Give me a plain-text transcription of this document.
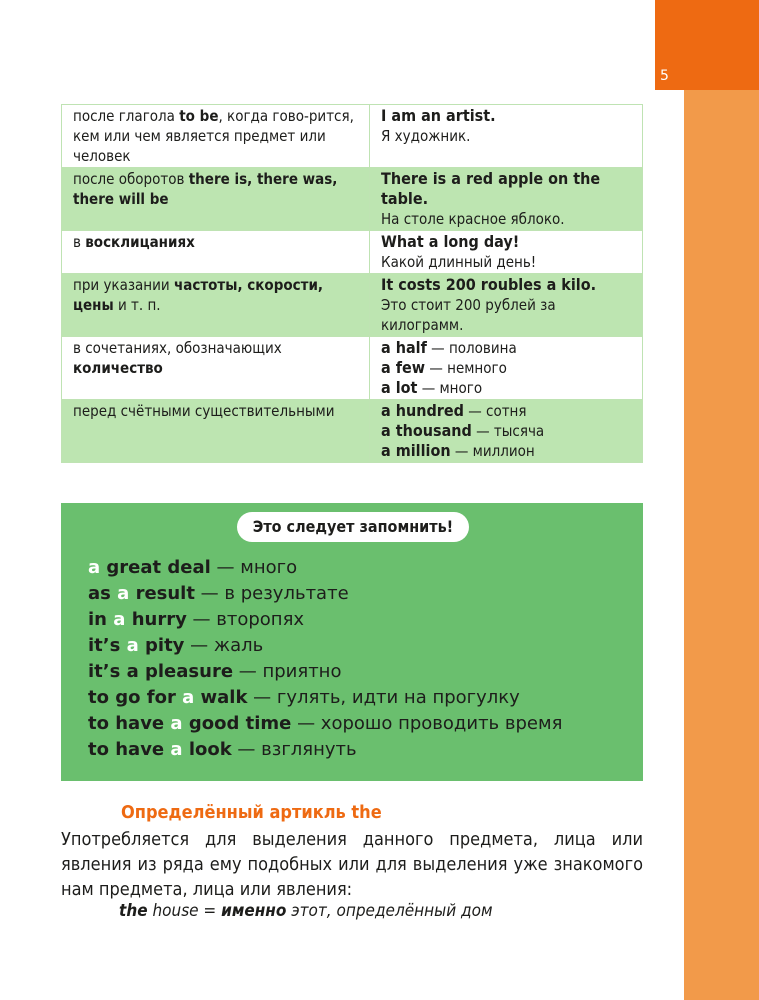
5
после глагола to be, когда гово-ритcя, кем или чем является предмет или человек	I am an artist.
Я художник.

после оборотов there is, there was, there will be	There is a red apple on the table.
На столе красное яблоко.

в восклицаниях	What a long day!
Какой длинный день!

при указании частоты, скорости, цены и т. п.	It costs 200 roubles a kilo.
Это стоит 200 рублей за килограмм.

в сочетаниях, обозначающих количество	a half — половина
a few — немного
a lot — много

перед счётными существительными	a hundred — сотня
a thousand — тысяча
a million — миллион
Это следует запомнить!
a great deal — много
as a result — в результате
in a hurry — второпях
it’s a pity — жаль
it’s a pleasure — приятно
to go for a walk — гулять, идти на прогулку
to have a good time — хорошо проводить время
to have a look — взглянуть
Определённый артикль the

Употребляется для выделения данного предмета, лица или явления из ряда ему подобных или для выделения уже знакомого нам предмета, лица или явления:

the house = именно этот, определённый дом
